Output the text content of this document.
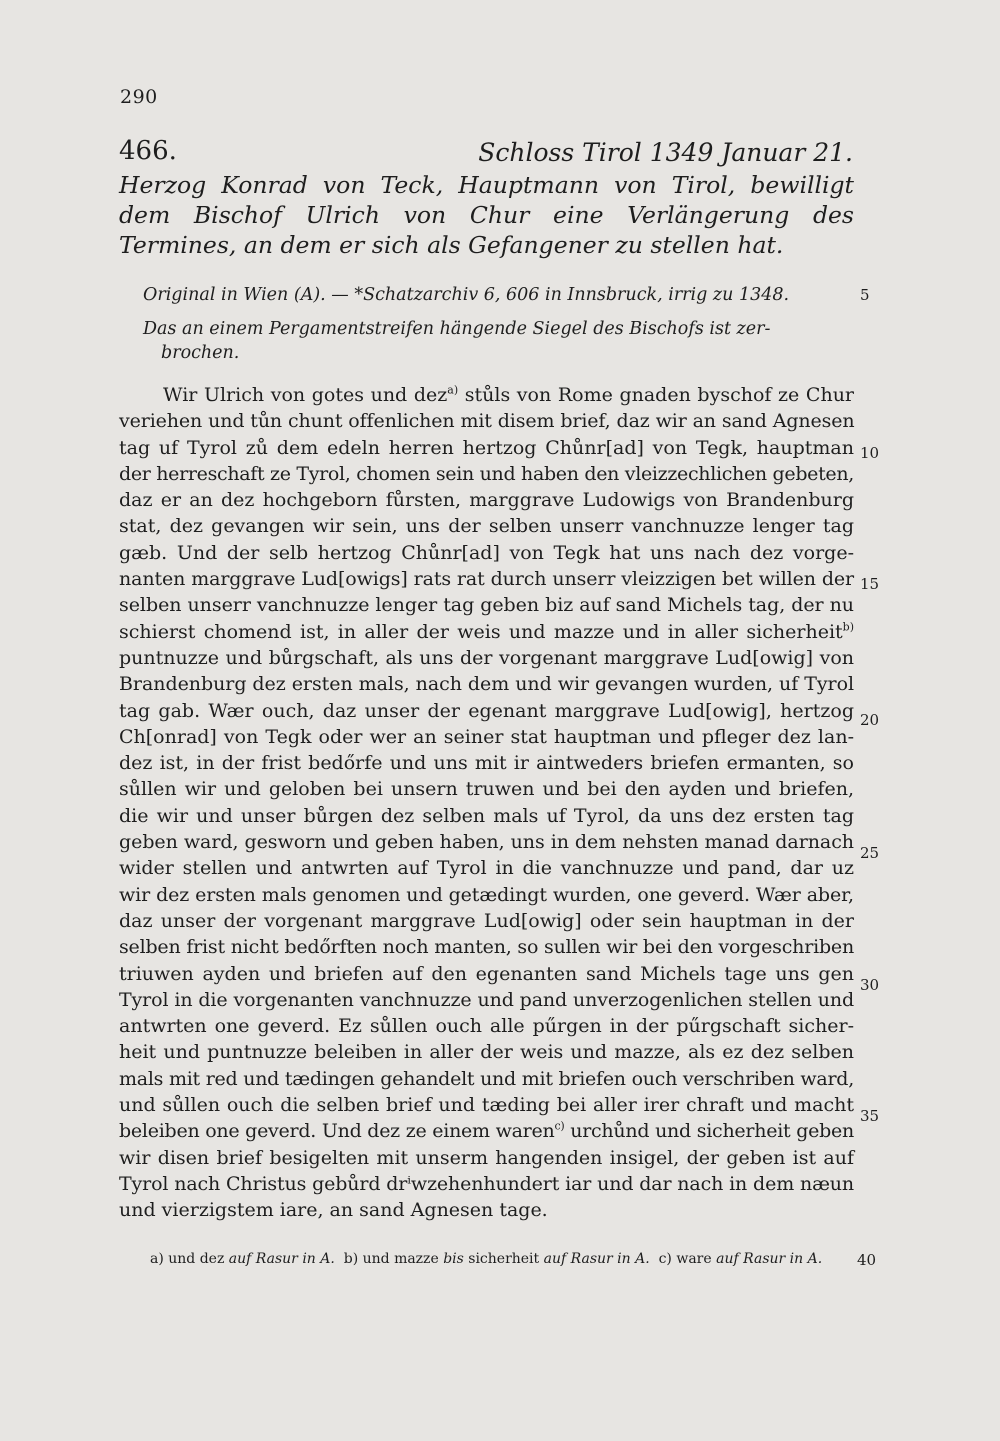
290
466.	Schloss Tirol 1349 Januar 21.
Herzog Konrad von Teck, Hauptmann von Tirol, bewilligt dem Bischof Ulrich von Chur eine Verlängerung des Termines, an dem er sich als Gefangener zu stellen hat.
Original in Wien (A). — *Schatzarchiv 6, 606 in Innsbruck, irrig zu 1348.
Das an einem Pergamentstreifen hängende Siegel des Bischofs ist zer-
brochen.
Wir Ulrich von gotes und dez$^{a)}$ stůls von Rome gnaden byschof ze Chur
veriehen und tůn chunt offenlichen mit disem brief, daz wir an sand Agnesen
tag uf Tyrol zů dem edeln herren hertzog Chůnr[ad] von Tegk, hauptman
der herreschaft ze Tyrol, chomen sein und haben den vleizzechlichen gebeten,
daz er an dez hochgeborn fůrsten, marggrave Ludowigs von Brandenburg
stat, dez gevangen wir sein, uns der selben unserr vanchnuzze lenger tag
gæb. Und der selb hertzog Chůnr[ad] von Tegk hat uns nach dez vorge-
nanten marggrave Lud[owigs] rats rat durch unserr vleizzigen bet willen der
selben unserr vanchnuzze lenger tag geben biz auf sand Michels tag, der nu
schierst chomend ist, in aller der weis und mazze und in aller sicherheit$^{b)}$
puntnuzze und bůrgschaft, als uns der vorgenant marggrave Lud[owig] von
Brandenburg dez ersten mals, nach dem und wir gevangen wurden, uf Tyrol
tag gab. Wær ouch, daz unser der egenant marggrave Lud[owig], hertzog
Ch[onrad] von Tegk oder wer an seiner stat hauptman und pfleger dez lan-
dez ist, in der frist bedőrfe und uns mit ir aintweders briefen ermanten, so
sůllen wir und geloben bei unsern truwen und bei den ayden und briefen,
die wir und unser bůrgen dez selben mals uf Tyrol, da uns dez ersten tag
geben ward, gesworn und geben haben, uns in dem nehsten manad darnach
wider stellen und antwrten auf Tyrol in die vanchnuzze und pand, dar uz
wir dez ersten mals genomen und getædingt wurden, one geverd. Wær aber,
daz unser der vorgenant marggrave Lud[owig] oder sein hauptman in der
selben frist nicht bedőrften noch manten, so sullen wir bei den vorgeschriben
triuwen ayden und briefen auf den egenanten sand Michels tage uns gen
Tyrol in die vorgenanten vanchnuzze und pand unverzogenlichen stellen und
antwrten one geverd. Ez sůllen ouch alle pűrgen in der pűrgschaft sicher-
heit und puntnuzze beleiben in aller der weis und mazze, als ez dez selben
mals mit red und tædingen gehandelt und mit briefen ouch verschriben ward,
und sůllen ouch die selben brief und tæding bei aller irer chraft und macht
beleiben one geverd. Und dez ze einem waren$^{c)}$ urchůnd und sicherheit geben
wir disen brief besigelten mit unserm hangenden insigel, der geben ist auf
Tyrol nach Christus gebůrd drⁱwzehenhundert iar und dar nach in dem næun
und vierzigstem iare, an sand Agnesen tage.
5
10
15
20
25
30
35
40
a) und dez auf Rasur in A.  b) und mazze bis sicherheit auf Rasur in A.  c) ware auf Rasur in A.
